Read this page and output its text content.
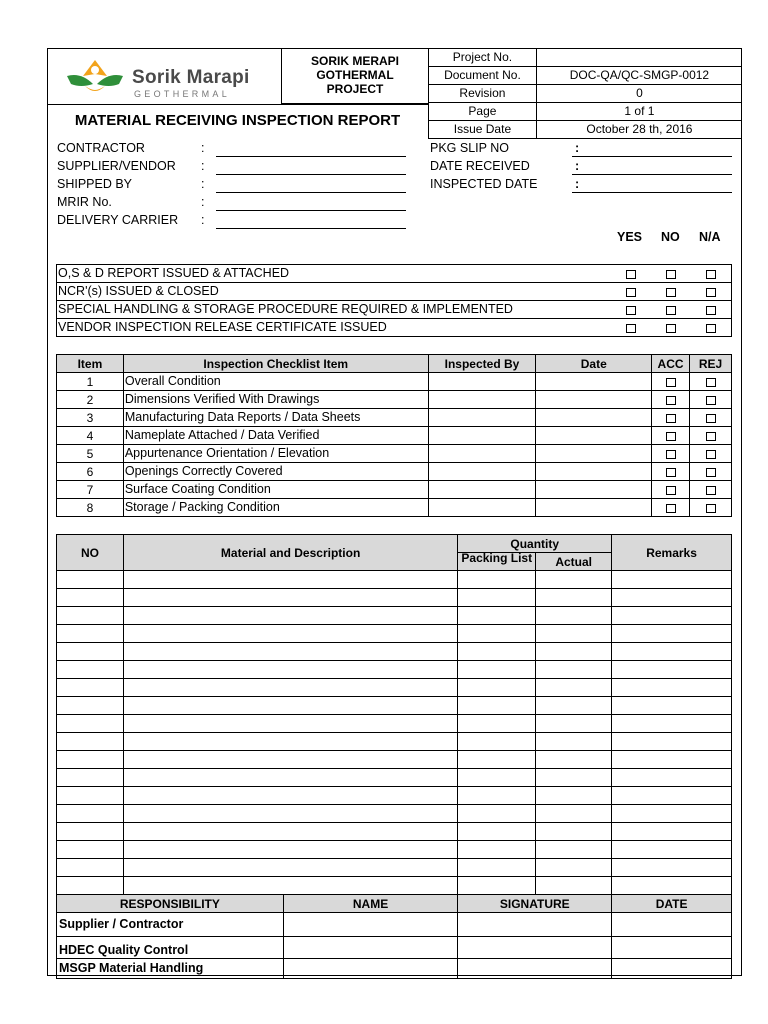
Sorik Marapi
GEOTHERMAL
SORIK MERAPI
GOTHERMAL
PROJECT
MATERIAL RECEIVING INSPECTION REPORT
Project No.	
Document No.	DOC-QA/QC-SMGP-0012
Revision	0
Page	1 of 1
Issue Date	October 28 th, 2016
CONTRACTOR	:
SUPPLIER/VENDOR :
SHIPPED BY	:
MRIR No.	:
DELIVERY CARRIER :
PKG SLIP NO	:
DATE RECEIVED	:
INSPECTED DATE	:
YES NO N/A
O,S & D REPORT ISSUED & ATTACHED			
NCR'(s) ISSUED & CLOSED			
SPECIAL HANDLING & STORAGE PROCEDURE REQUIRED & IMPLEMENTED			
VENDOR INSPECTION RELEASE CERTIFICATE ISSUED			
Item	Inspection Checklist Item	Inspected By	Date	ACC	REJ
1	Overall Condition				
2	Dimensions Verified With Drawings				
3	Manufacturing Data Reports / Data Sheets				
4	Nameplate Attached / Data Verified				
5	Appurtenance Orientation / Elevation				
6	Openings Correctly Covered				
7	Surface Coating Condition				
8	Storage / Packing Condition				
NO	Material and Description	Quantity		Remarks

		Packing List	Actual	

RESPONSIBILITY	NAME	SIGNATURE	DATE
Supplier / Contractor			
HDEC Quality Control			
MSGP Material Handling			
